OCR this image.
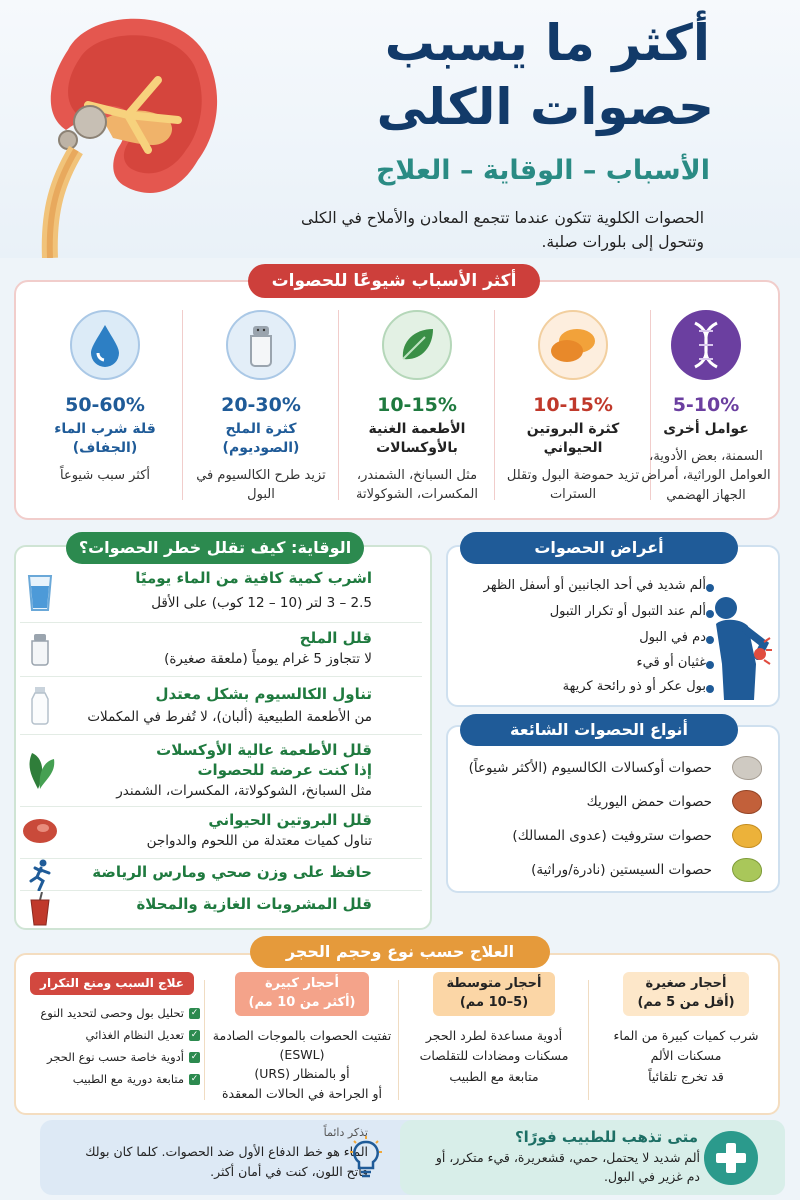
أكثر ما يسبب
حصوات الكلى
الأسباب – الوقاية – العلاج
الحصوات الكلوية تتكون عندما تتجمع المعادن والأملاح في الكلى وتتحول إلى بلورات صلبة.
أكثر الأسباب شيوعًا للحصوات
50-60%
قلة شرب الماء
(الجفاف)
أكثر سبب شيوعاً
20-30%
كثرة الملح
(الصوديوم)
تزيد طرح الكالسيوم في البول
10-15%
الأطعمة الغنية بالأوكسالات
مثل السبانخ، الشمندر، المكسرات، الشوكولاتة
10-15%
كثرة البروتين الحيواني
تزيد حموضة البول وتقلل السترات
5-10%
عوامل أخرى
السمنة، بعض الأدوية، العوامل الوراثية، أمراض الجهاز الهضمي
الوقاية: كيف تقلل خطر الحصوات؟
اشرب كمية كافية من الماء يوميًا
2.5 – 3 لتر (10 – 12 كوب) على الأقل
قلل الملح
لا تتجاوز 5 غرام يومياً (ملعقة صغيرة)
تناول الكالسيوم بشكل معتدل
من الأطعمة الطبيعية (ألبان)، لا تُفرط في المكملات
قلل الأطعمة عالية الأوكسلات
إذا كنت عرضة للحصوات
مثل السبانخ، الشوكولاتة، المكسرات، الشمندر
قلل البروتين الحيواني
تناول كميات معتدلة من اللحوم والدواجن
حافظ على وزن صحي ومارس الرياضة
قلل المشروبات الغازية والمحلاة
أعراض الحصوات
ألم شديد في أحد الجانبين أو أسفل الظهر
ألم عند التبول أو تكرار التبول
دم في البول
غثيان أو قيء
بول عكر أو ذو رائحة كريهة
أنواع الحصوات الشائعة
حصوات أوكسالات الكالسيوم (الأكثر شيوعاً)
حصوات حمض اليوريك
حصوات ستروفيت (عدوى المسالك)
حصوات السيستين (نادرة/وراثية)
العلاج حسب نوع وحجم الحجر
أحجار صغيرة
(أقل من 5 مم)
شرب كميات كبيرة من الماء
مسكنات الألم
قد تخرج تلقائياً
أحجار متوسطة
(5–10 مم)
أدوية مساعدة لطرد الحجر
مسكنات ومضادات للتقلصات
متابعة مع الطبيب
أحجار كبيرة
(أكثر من 10 مم)
تفتيت الحصوات بالموجات الصادمة
(ESWL)
أو بالمنظار (URS)
أو الجراحة في الحالات المعقدة
علاج السبب ومنع التكرار
✓تحليل بول وحصى لتحديد النوع
✓تعديل النظام الغذائي
✓أدوية خاصة حسب نوع الحجر
✓متابعة دورية مع الطبيب
متى تذهب للطبيب فورًا؟
ألم شديد لا يحتمل، حمي، قشعريرة، قيء متكرر، أو دم غزير في البول.
تذكر دائماً
الماء هو خط الدفاع الأول ضد الحصوات. كلما كان بولك فاتح اللون، كنت في أمان أكثر.
